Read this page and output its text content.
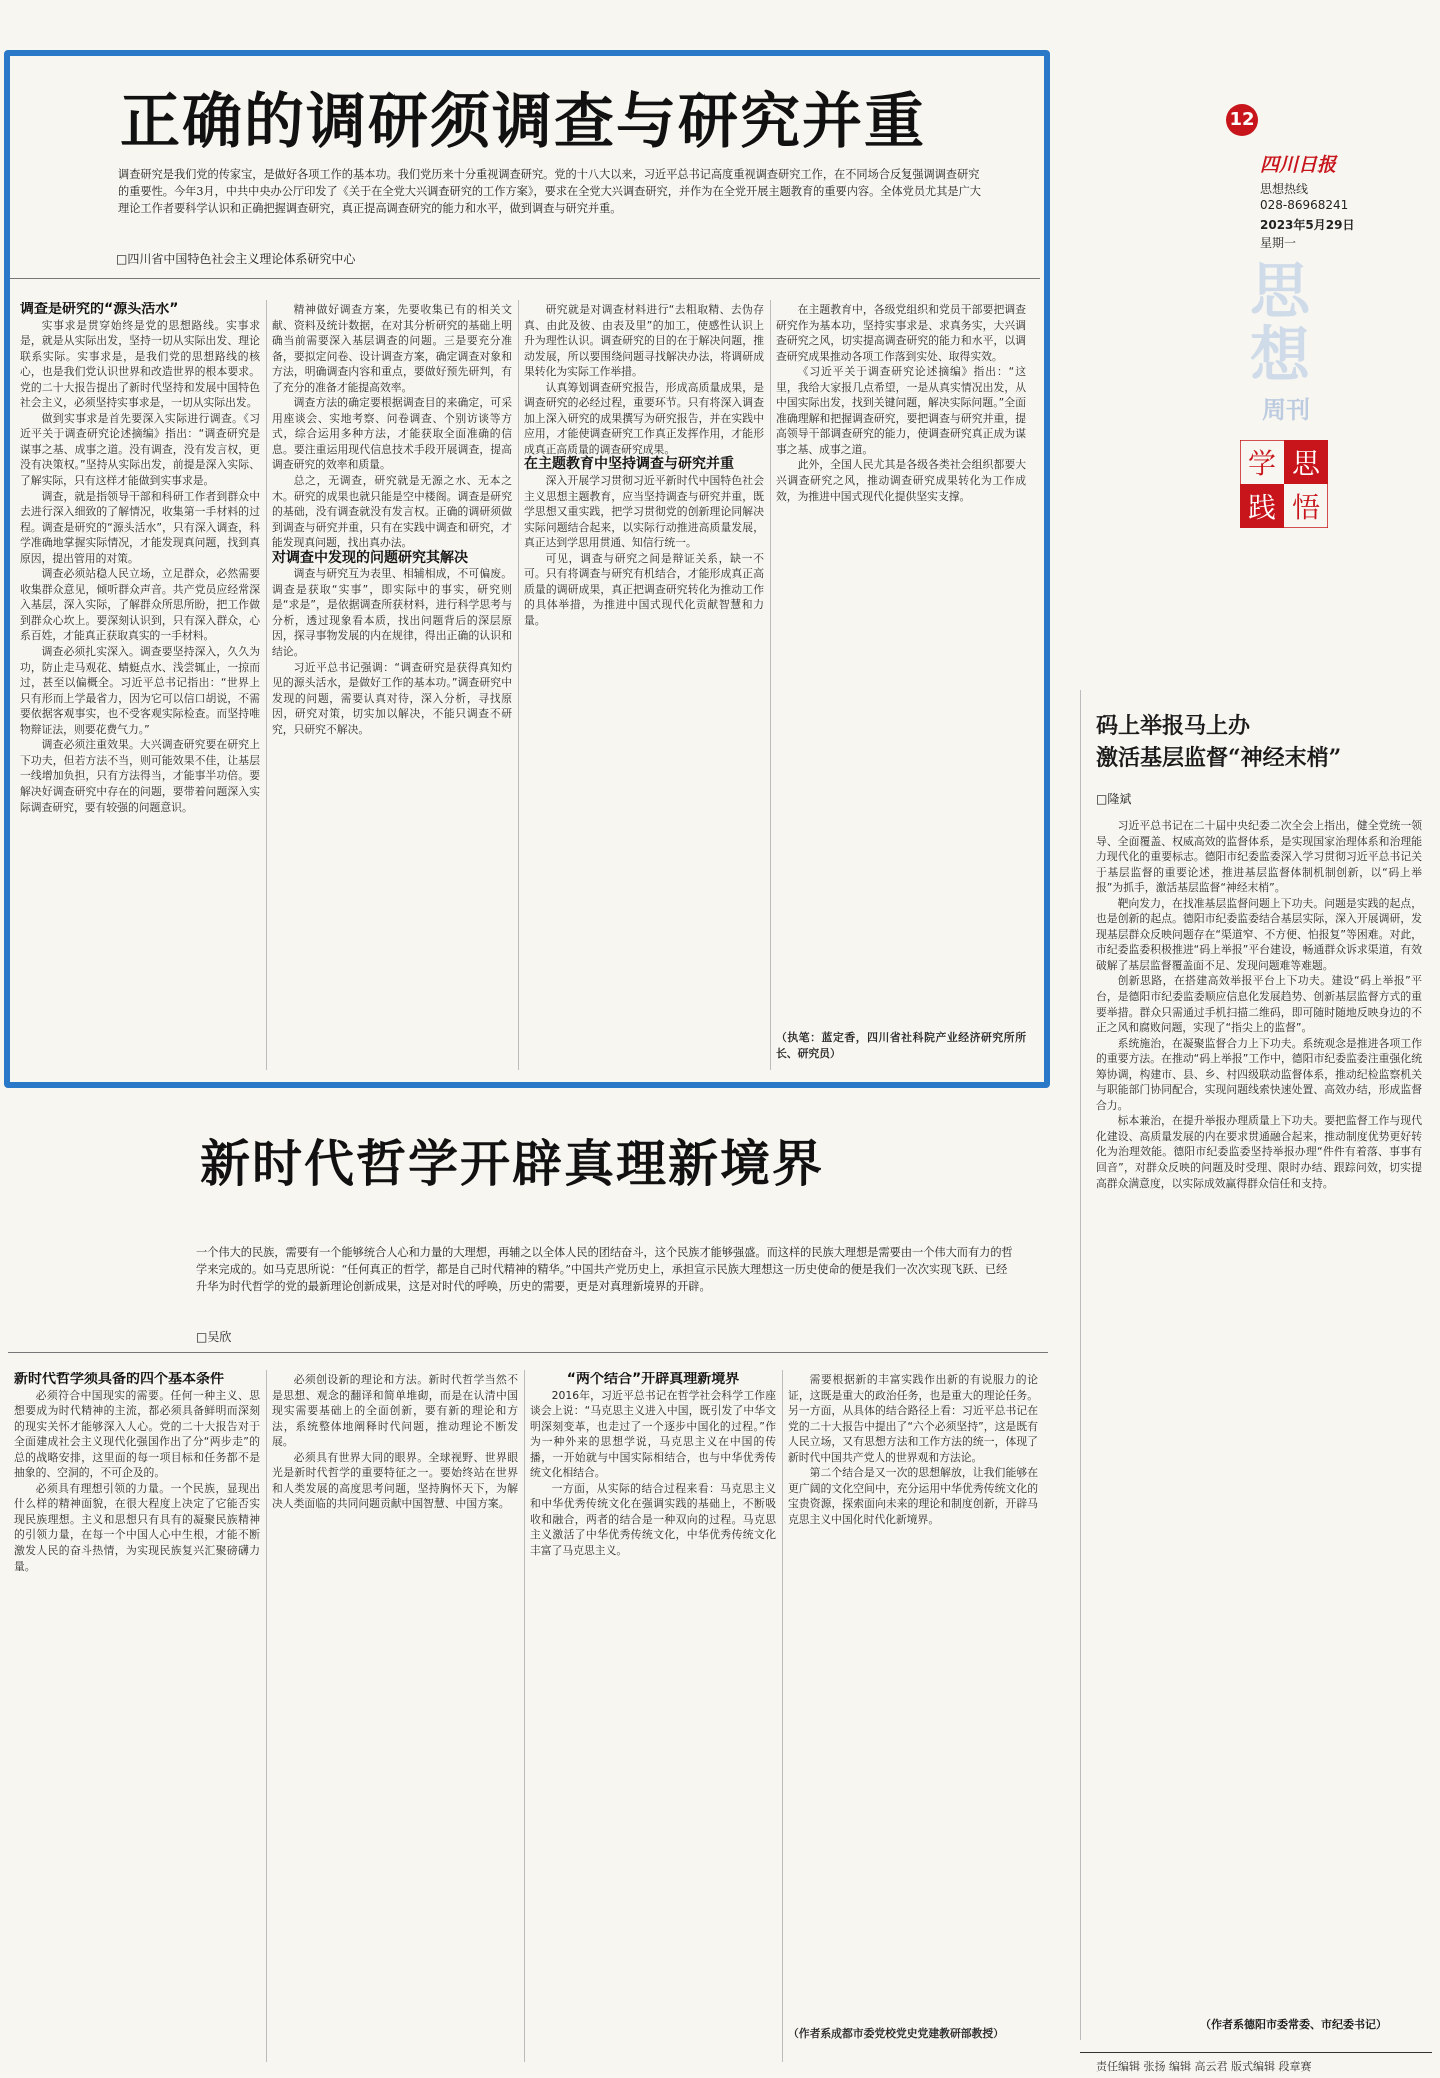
12
四川日报
思想热线
028-86968241
2023年5月29日
星期一
思想
周刊
学 思
践 悟
正确的调研须调查与研究并重
调查研究是我们党的传家宝，是做好各项工作的基本功。我们党历来十分重视调查研究。党的十八大以来，习近平总书记高度重视调查研究工作，在不同场合反复强调调查研究的重要性。今年3月，中共中央办公厅印发了《关于在全党大兴调查研究的工作方案》，要求在全党大兴调查研究，并作为在全党开展主题教育的重要内容。全体党员尤其是广大理论工作者要科学认识和正确把握调查研究，真正提高调查研究的能力和水平，做到调查与研究并重。
□四川省中国特色社会主义理论体系研究中心

调查是研究的“源头活水”

实事求是贯穿始终是党的思想路线。实事求是，就是从实际出发，坚持一切从实际出发、理论联系实际。实事求是，是我们党的思想路线的核心，也是我们党认识世界和改造世界的根本要求。党的二十大报告提出了新时代坚持和发展中国特色社会主义，必须坚持实事求是，一切从实际出发。

做到实事求是首先要深入实际进行调查。《习近平关于调查研究论述摘编》指出：“调查研究是谋事之基、成事之道。没有调查，没有发言权，更没有决策权。”坚持从实际出发，前提是深入实际、了解实际，只有这样才能做到实事求是。

调查，就是指领导干部和科研工作者到群众中去进行深入细致的了解情况，收集第一手材料的过程。调查是研究的“源头活水”，只有深入调查，科学准确地掌握实际情况，才能发现真问题，找到真原因，提出管用的对策。

调查必须站稳人民立场，立足群众，必然需要收集群众意见，倾听群众声音。共产党员应经常深入基层，深入实际，了解群众所思所盼，把工作做到群众心坎上。要深刻认识到，只有深入群众，心系百姓，才能真正获取真实的一手材料。

调查必须扎实深入。调查要坚持深入，久久为功，防止走马观花、蜻蜓点水、浅尝辄止，一掠而过，甚至以偏概全。习近平总书记指出：“世界上只有形而上学最省力，因为它可以信口胡说，不需要依据客观事实，也不受客观实际检查。而坚持唯物辩证法，则要花费气力。”

调查必须注重效果。大兴调查研究要在研究上下功夫，但若方法不当，则可能效果不佳，让基层一线增加负担，只有方法得当，才能事半功倍。要解决好调查研究中存在的问题，要带着问题深入实际调查研究，要有较强的问题意识。

精神做好调查方案，先要收集已有的相关文献、资料及统计数据，在对其分析研究的基础上明确当前需要深入基层调查的问题。三是要充分准备，要拟定问卷、设计调查方案，确定调查对象和方法，明确调查内容和重点，要做好预先研判，有了充分的准备才能提高效率。

调查方法的确定要根据调查目的来确定，可采用座谈会、实地考察、问卷调查、个别访谈等方式，综合运用多种方法，才能获取全面准确的信息。要注重运用现代信息技术手段开展调查，提高调查研究的效率和质量。

总之，无调查，研究就是无源之水、无本之木。研究的成果也就只能是空中楼阁。调查是研究的基础，没有调查就没有发言权。正确的调研须做到调查与研究并重，只有在实践中调查和研究，才能发现真问题，找出真办法。

对调查中发现的问题研究其解决

调查与研究互为表里、相辅相成，不可偏废。调查是获取“实事”，即实际中的事实，研究则是“求是”，是依据调查所获材料，进行科学思考与分析，透过现象看本质，找出问题背后的深层原因，探寻事物发展的内在规律，得出正确的认识和结论。

习近平总书记强调：“调查研究是获得真知灼见的源头活水，是做好工作的基本功。”调查研究中发现的问题，需要认真对待，深入分析，寻找原因，研究对策，切实加以解决，不能只调查不研究，只研究不解决。

研究就是对调查材料进行“去粗取精、去伪存真、由此及彼、由表及里”的加工，使感性认识上升为理性认识。调查研究的目的在于解决问题，推动发展，所以要围绕问题寻找解决办法，将调研成果转化为实际工作举措。

认真筹划调查研究报告，形成高质量成果，是调查研究的必经过程，重要环节。只有将深入调查加上深入研究的成果撰写为研究报告，并在实践中应用，才能使调查研究工作真正发挥作用，才能形成真正高质量的调查研究成果。

在主题教育中坚持调查与研究并重

深入开展学习贯彻习近平新时代中国特色社会主义思想主题教育，应当坚持调查与研究并重，既学思想又重实践，把学习贯彻党的创新理论同解决实际问题结合起来，以实际行动推进高质量发展，真正达到学思用贯通、知信行统一。

可见，调查与研究之间是辩证关系，缺一不可。只有将调查与研究有机结合，才能形成真正高质量的调研成果，真正把调查研究转化为推动工作的具体举措，为推进中国式现代化贡献智慧和力量。

在主题教育中，各级党组织和党员干部要把调查研究作为基本功，坚持实事求是、求真务实，大兴调查研究之风，切实提高调查研究的能力和水平，以调查研究成果推动各项工作落到实处、取得实效。

《习近平关于调查研究论述摘编》指出：“这里，我给大家报几点希望，一是从真实情况出发，从中国实际出发，找到关键问题，解决实际问题。”全面准确理解和把握调查研究，要把调查与研究并重，提高领导干部调查研究的能力，使调查研究真正成为谋事之基、成事之道。

此外，全国人民尤其是各级各类社会组织都要大兴调查研究之风，推动调查研究成果转化为工作成效，为推进中国式现代化提供坚实支撑。

（执笔：蓝定香，四川省社科院产业经济研究所所长、研究员）
码上举报马上办
激活基层监督“神经末梢”
□隆斌

习近平总书记在二十届中央纪委二次全会上指出，健全党统一领导、全面覆盖、权威高效的监督体系，是实现国家治理体系和治理能力现代化的重要标志。德阳市纪委监委深入学习贯彻习近平总书记关于基层监督的重要论述，推进基层监督体制机制创新，以“码上举报”为抓手，激活基层监督“神经末梢”。

靶向发力，在找准基层监督问题上下功夫。问题是实践的起点，也是创新的起点。德阳市纪委监委结合基层实际，深入开展调研，发现基层群众反映问题存在“渠道窄、不方便、怕报复”等困难。对此，市纪委监委积极推进“码上举报”平台建设，畅通群众诉求渠道，有效破解了基层监督覆盖面不足、发现问题难等难题。

创新思路，在搭建高效举报平台上下功夫。建设“码上举报”平台，是德阳市纪委监委顺应信息化发展趋势、创新基层监督方式的重要举措。群众只需通过手机扫描二维码，即可随时随地反映身边的不正之风和腐败问题，实现了“指尖上的监督”。

系统施治，在凝聚监督合力上下功夫。系统观念是推进各项工作的重要方法。在推动“码上举报”工作中，德阳市纪委监委注重强化统筹协调，构建市、县、乡、村四级联动监督体系，推动纪检监察机关与职能部门协同配合，实现问题线索快速处置、高效办结，形成监督合力。

标本兼治，在提升举报办理质量上下功夫。要把监督工作与现代化建设、高质量发展的内在要求贯通融合起来，推动制度优势更好转化为治理效能。德阳市纪委监委坚持举报办理“件件有着落、事事有回音”，对群众反映的问题及时受理、限时办结、跟踪问效，切实提高群众满意度，以实际成效赢得群众信任和支持。

（作者系德阳市委常委、市纪委书记）
新时代哲学开辟真理新境界
一个伟大的民族，需要有一个能够统合人心和力量的大理想，再辅之以全体人民的团结奋斗，这个民族才能够强盛。而这样的民族大理想是需要由一个伟大而有力的哲学来完成的。如马克思所说：“任何真正的哲学，都是自己时代精神的精华。”中国共产党历史上，承担宣示民族大理想这一历史使命的便是我们一次次实现飞跃、已经升华为时代哲学的党的最新理论创新成果，这是对时代的呼唤，历史的需要，更是对真理新境界的开辟。
□吴欣

新时代哲学须具备的四个基本条件

必须符合中国现实的需要。任何一种主义、思想要成为时代精神的主流，都必须具备鲜明而深刻的现实关怀才能够深入人心。党的二十大报告对于全面建成社会主义现代化强国作出了分“两步走”的总的战略安排，这里面的每一项目标和任务都不是抽象的、空洞的，不可企及的。

必须具有理想引领的力量。一个民族，显现出什么样的精神面貌，在很大程度上决定了它能否实现民族理想。主义和思想只有具有的凝聚民族精神的引领力量，在每一个中国人心中生根，才能不断激发人民的奋斗热情，为实现民族复兴汇聚磅礴力量。

必须创设新的理论和方法。新时代哲学当然不是思想、观念的翻译和简单堆砌，而是在认清中国现实需要基础上的全面创新，要有新的理论和方法，系统整体地阐释时代问题，推动理论不断发展。

必须具有世界大同的眼界。全球视野、世界眼光是新时代哲学的重要特征之一。要始终站在世界和人类发展的高度思考问题，坚持胸怀天下，为解决人类面临的共同问题贡献中国智慧、中国方案。

“两个结合”开辟真理新境界

2016年，习近平总书记在哲学社会科学工作座谈会上说：“马克思主义进入中国，既引发了中华文明深刻变革，也走过了一个逐步中国化的过程。”作为一种外来的思想学说，马克思主义在中国的传播，一开始就与中国实际相结合，也与中华优秀传统文化相结合。

一方面，从实际的结合过程来看：马克思主义和中华优秀传统文化在强调实践的基础上，不断吸收和融合，两者的结合是一种双向的过程。马克思主义激活了中华优秀传统文化，中华优秀传统文化丰富了马克思主义。

需要根据新的丰富实践作出新的有说服力的论证，这既是重大的政治任务，也是重大的理论任务。另一方面，从具体的结合路径上看：习近平总书记在党的二十大报告中提出了“六个必须坚持”，这是既有人民立场，又有思想方法和工作方法的统一，体现了新时代中国共产党人的世界观和方法论。

第二个结合是又一次的思想解放，让我们能够在更广阔的文化空间中，充分运用中华优秀传统文化的宝贵资源，探索面向未来的理论和制度创新，开辟马克思主义中国化时代化新境界。

（作者系成都市委党校党史党建教研部教授）
责任编辑 张扬 编辑 高云君 版式编辑 段章赛
